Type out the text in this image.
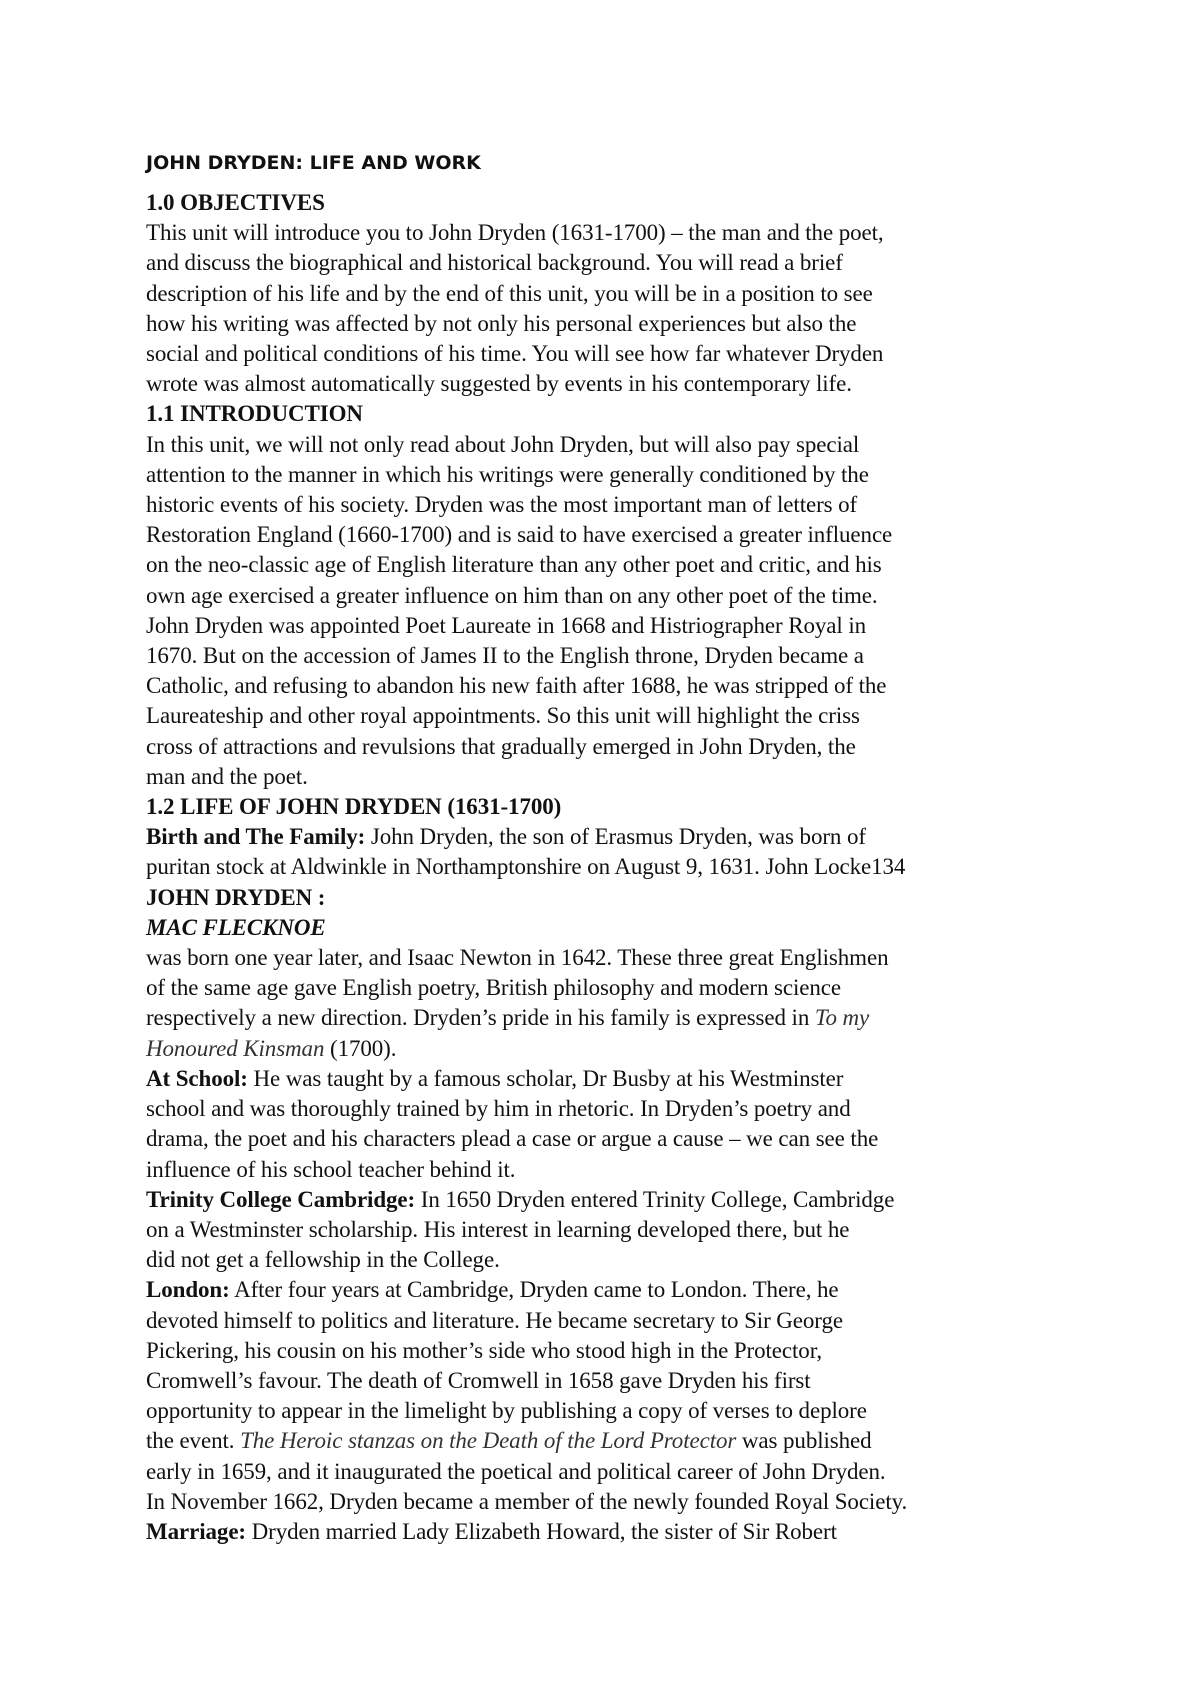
JOHN DRYDEN: LIFE AND WORK
1.0 OBJECTIVES
This unit will introduce you to John Dryden (1631-1700) – the man and the poet,
and discuss the biographical and historical background. You will read a brief
description of his life and by the end of this unit, you will be in a position to see
how his writing was affected by not only his personal experiences but also the
social and political conditions of his time. You will see how far whatever Dryden
wrote was almost automatically suggested by events in his contemporary life.
1.1 INTRODUCTION
In this unit, we will not only read about John Dryden, but will also pay special
attention to the manner in which his writings were generally conditioned by the
historic events of his society. Dryden was the most important man of letters of
Restoration England (1660-1700) and is said to have exercised a greater influence
on the neo-classic age of English literature than any other poet and critic, and his
own age exercised a greater influence on him than on any other poet of the time.
John Dryden was appointed Poet Laureate in 1668 and Histriographer Royal in
1670. But on the accession of James II to the English throne, Dryden became a
Catholic, and refusing to abandon his new faith after 1688, he was stripped of the
Laureateship and other royal appointments. So this unit will highlight the criss
cross of attractions and revulsions that gradually emerged in John Dryden, the
man and the poet.
1.2 LIFE OF JOHN DRYDEN (1631-1700)
Birth and The Family: John Dryden, the son of Erasmus Dryden, was born of
puritan stock at Aldwinkle in Northamptonshire on August 9, 1631. John Locke134
JOHN DRYDEN :
MAC FLECKNOE
was born one year later, and Isaac Newton in 1642. These three great Englishmen
of the same age gave English poetry, British philosophy and modern science
respectively a new direction. Dryden’s pride in his family is expressed in To my
Honoured Kinsman (1700).
At School: He was taught by a famous scholar, Dr Busby at his Westminster
school and was thoroughly trained by him in rhetoric. In Dryden’s poetry and
drama, the poet and his characters plead a case or argue a cause – we can see the
influence of his school teacher behind it.
Trinity College Cambridge: In 1650 Dryden entered Trinity College, Cambridge
on a Westminster scholarship. His interest in learning developed there, but he
did not get a fellowship in the College.
London: After four years at Cambridge, Dryden came to London. There, he
devoted himself to politics and literature. He became secretary to Sir George
Pickering, his cousin on his mother’s side who stood high in the Protector,
Cromwell’s favour. The death of Cromwell in 1658 gave Dryden his first
opportunity to appear in the limelight by publishing a copy of verses to deplore
the event. The Heroic stanzas on the Death of the Lord Protector was published
early in 1659, and it inaugurated the poetical and political career of John Dryden.
In November 1662, Dryden became a member of the newly founded Royal Society.
Marriage: Dryden married Lady Elizabeth Howard, the sister of Sir Robert
